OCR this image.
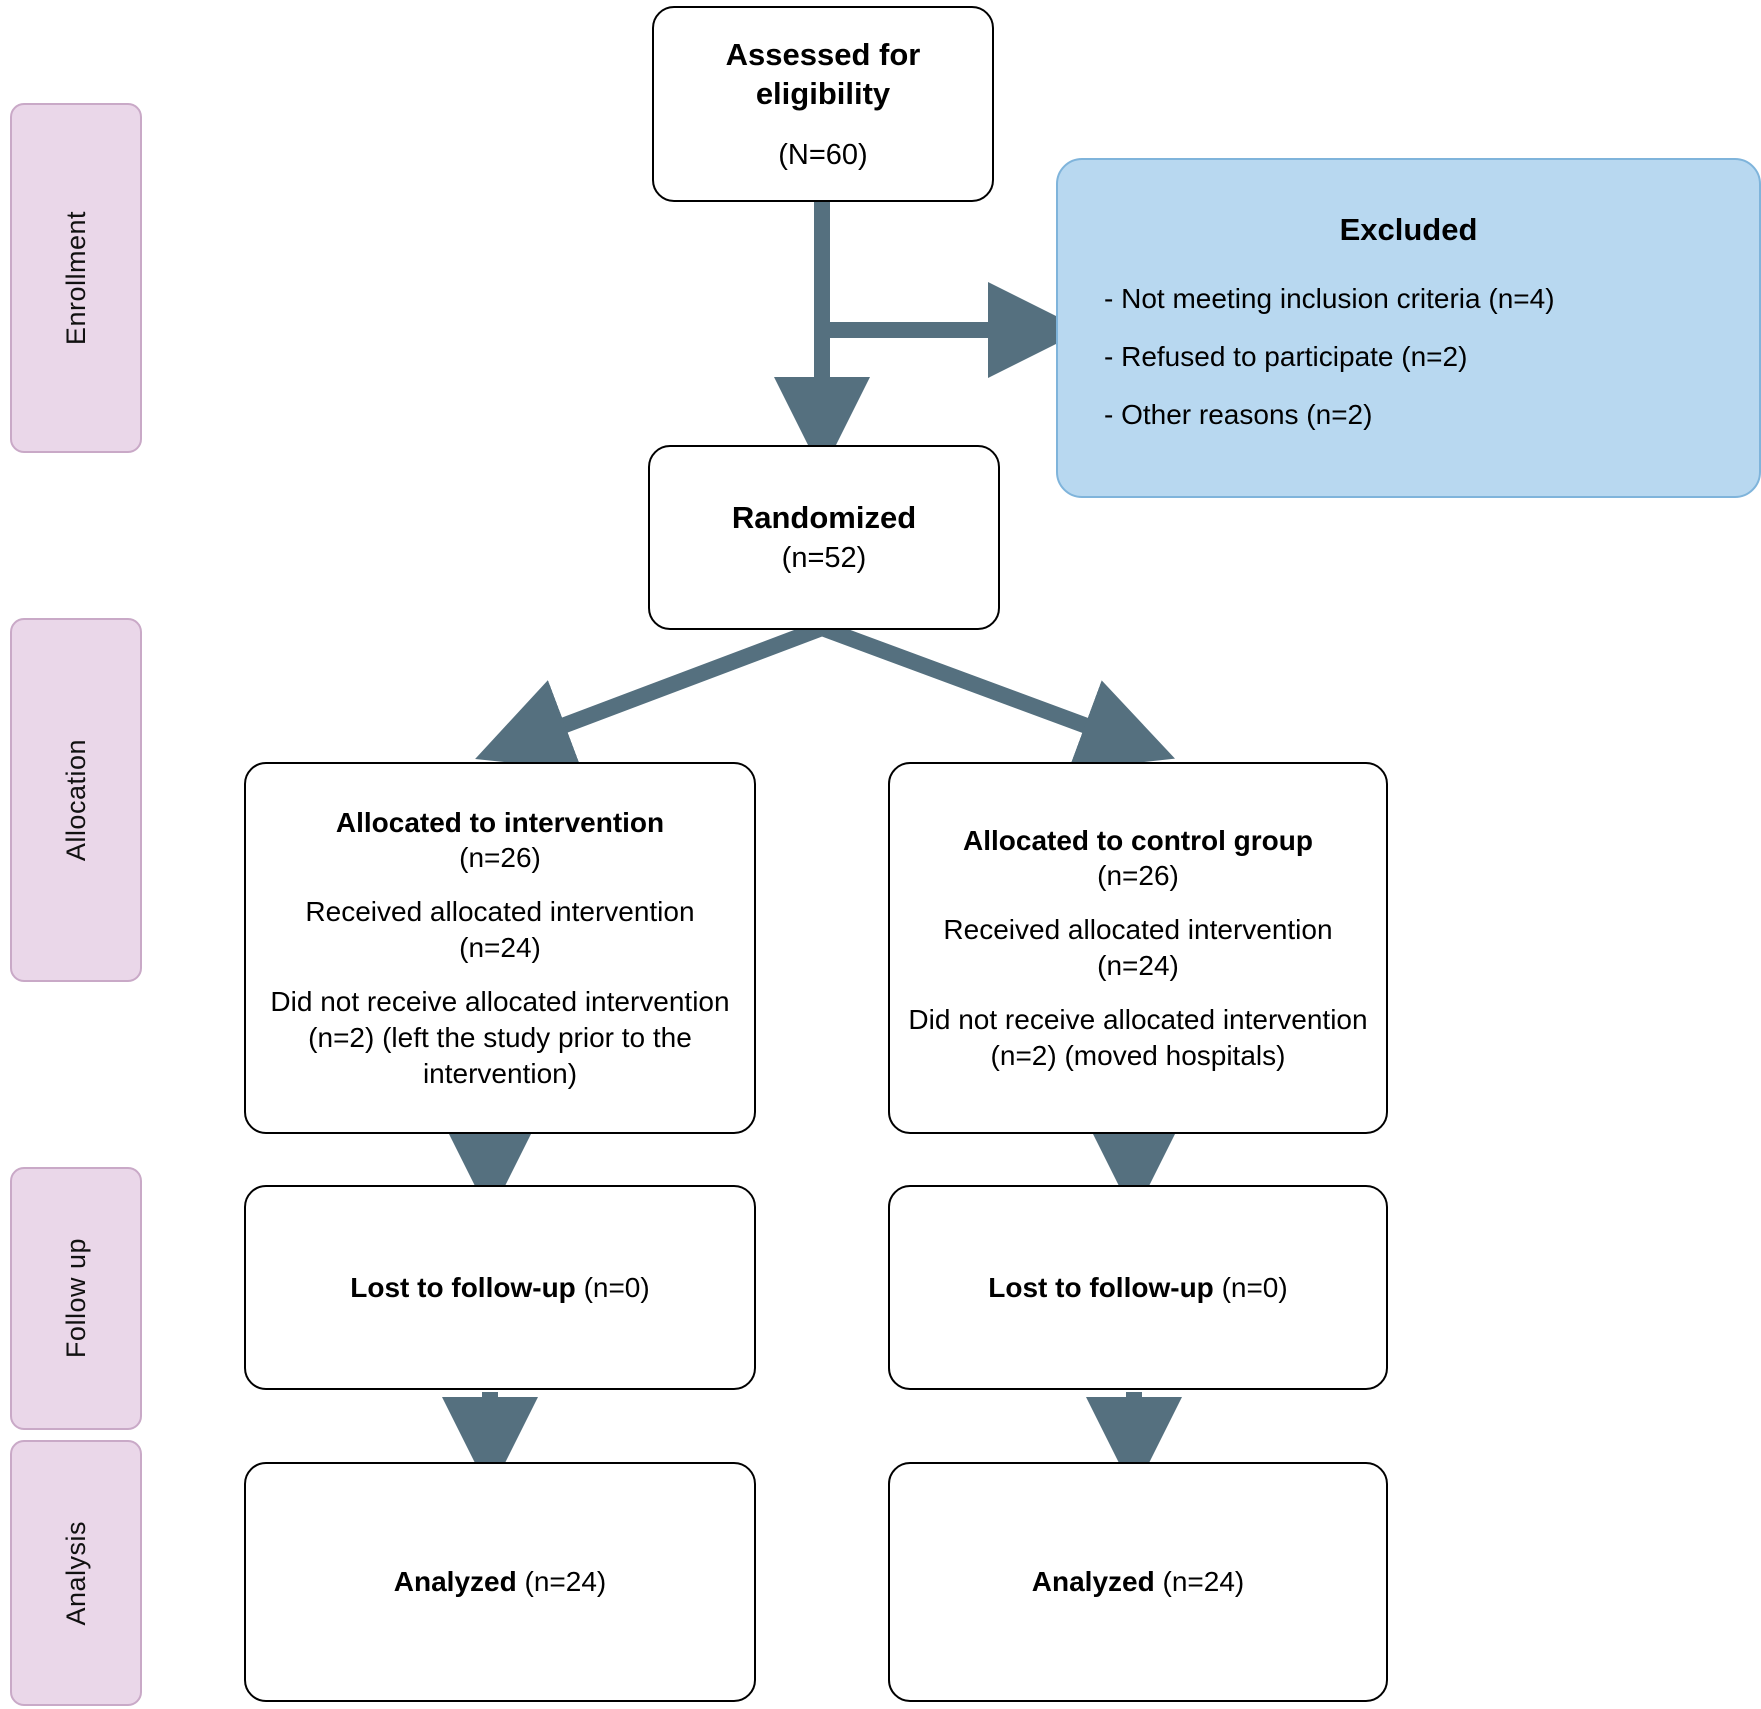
Enrollment
Allocation
Follow up
Analysis
Assessed for eligibility
(N=60)
Excluded
- Not meeting inclusion criteria (n=4)
- Refused to participate (n=2)
- Other reasons (n=2)
Randomized
(n=52)
Allocated to intervention
(n=26)
Received allocated intervention
(n=24)
Did not receive allocated intervention (n=2) (left the study prior to the intervention)
Allocated to control group
(n=26)
Received allocated intervention
(n=24)
Did not receive allocated intervention (n=2) (moved hospitals)
Lost to follow-up (n=0)	Lost to follow-up (n=0)
Analyzed (n=24)	Analyzed (n=24)
